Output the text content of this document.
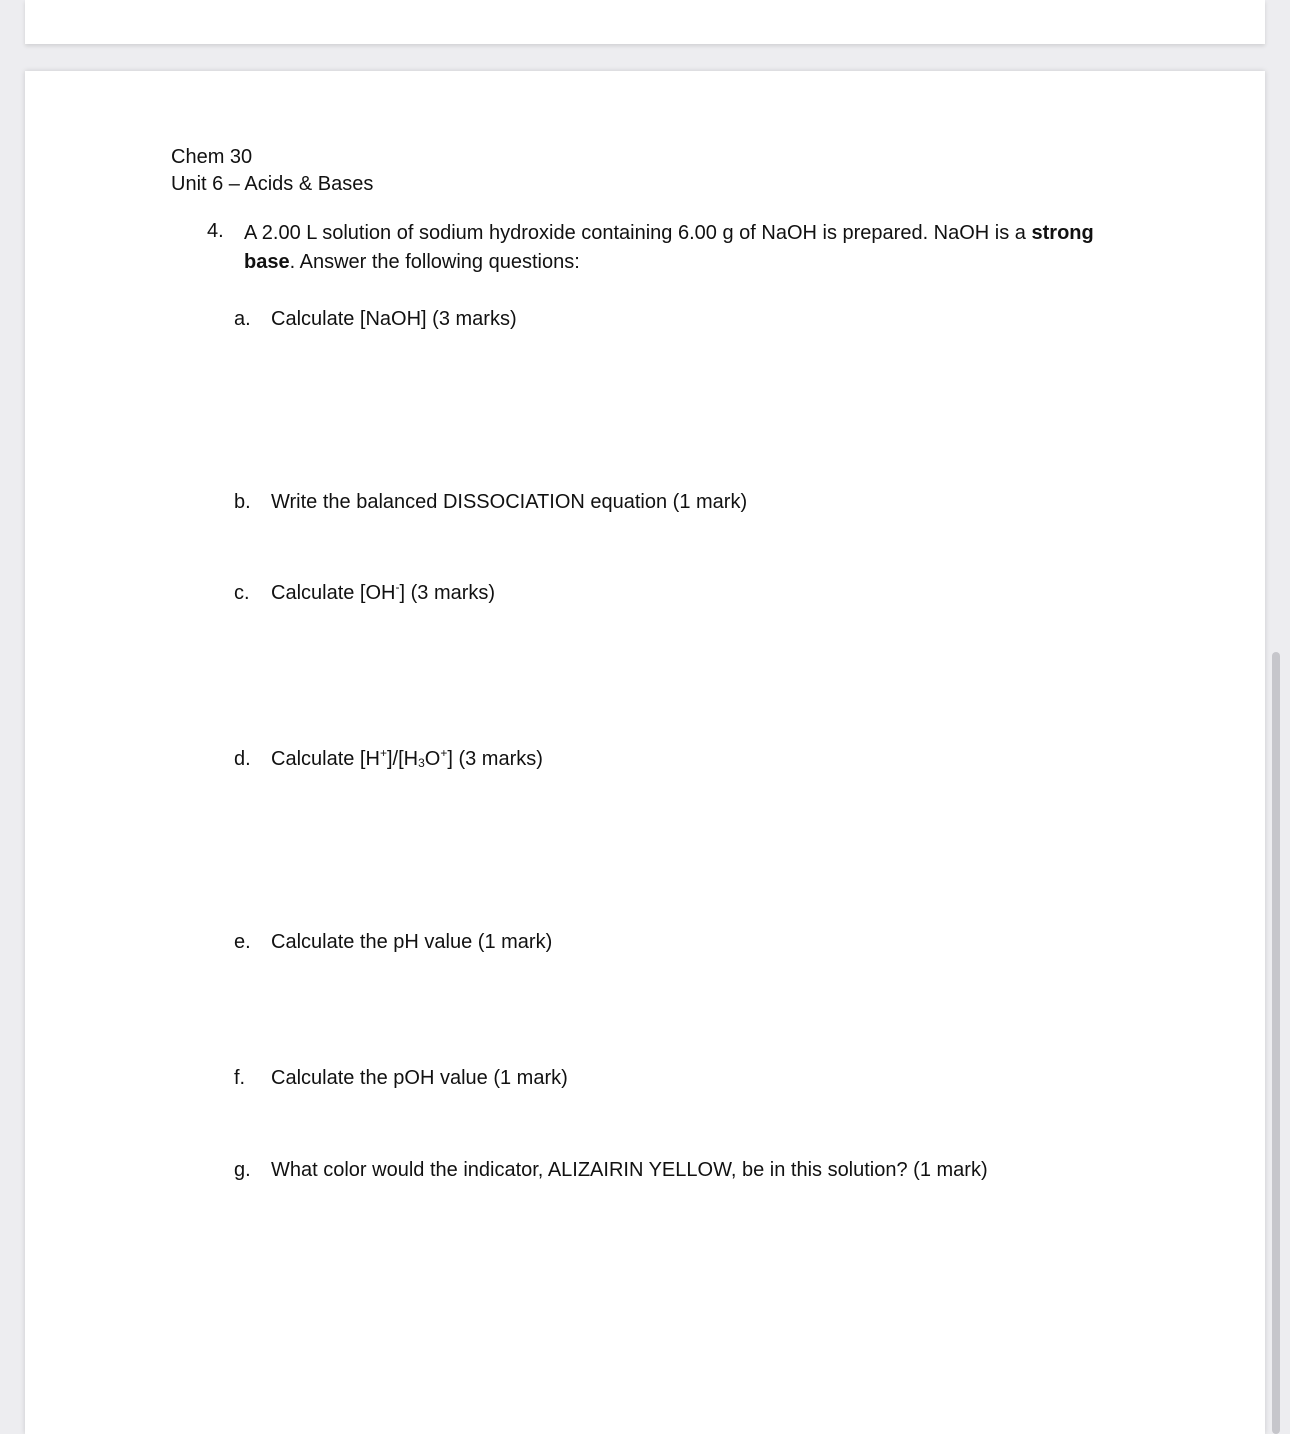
Chem 30
Unit 6 – Acids & Bases
4. A 2.00 L solution of sodium hydroxide containing 6.00 g of NaOH is prepared. NaOH is a strong base. Answer the following questions:
a. Calculate [NaOH] (3 marks)
b. Write the balanced DISSOCIATION equation (1 mark)
c. Calculate [OH-] (3 marks)
d. Calculate $[H^+]/[H_3O^+]$ (3 marks)
e. Calculate the pH value (1 mark)
f. Calculate the pOH value (1 mark)
g. What color would the indicator, ALIZAIRIN YELLOW, be in this solution? (1 mark)
